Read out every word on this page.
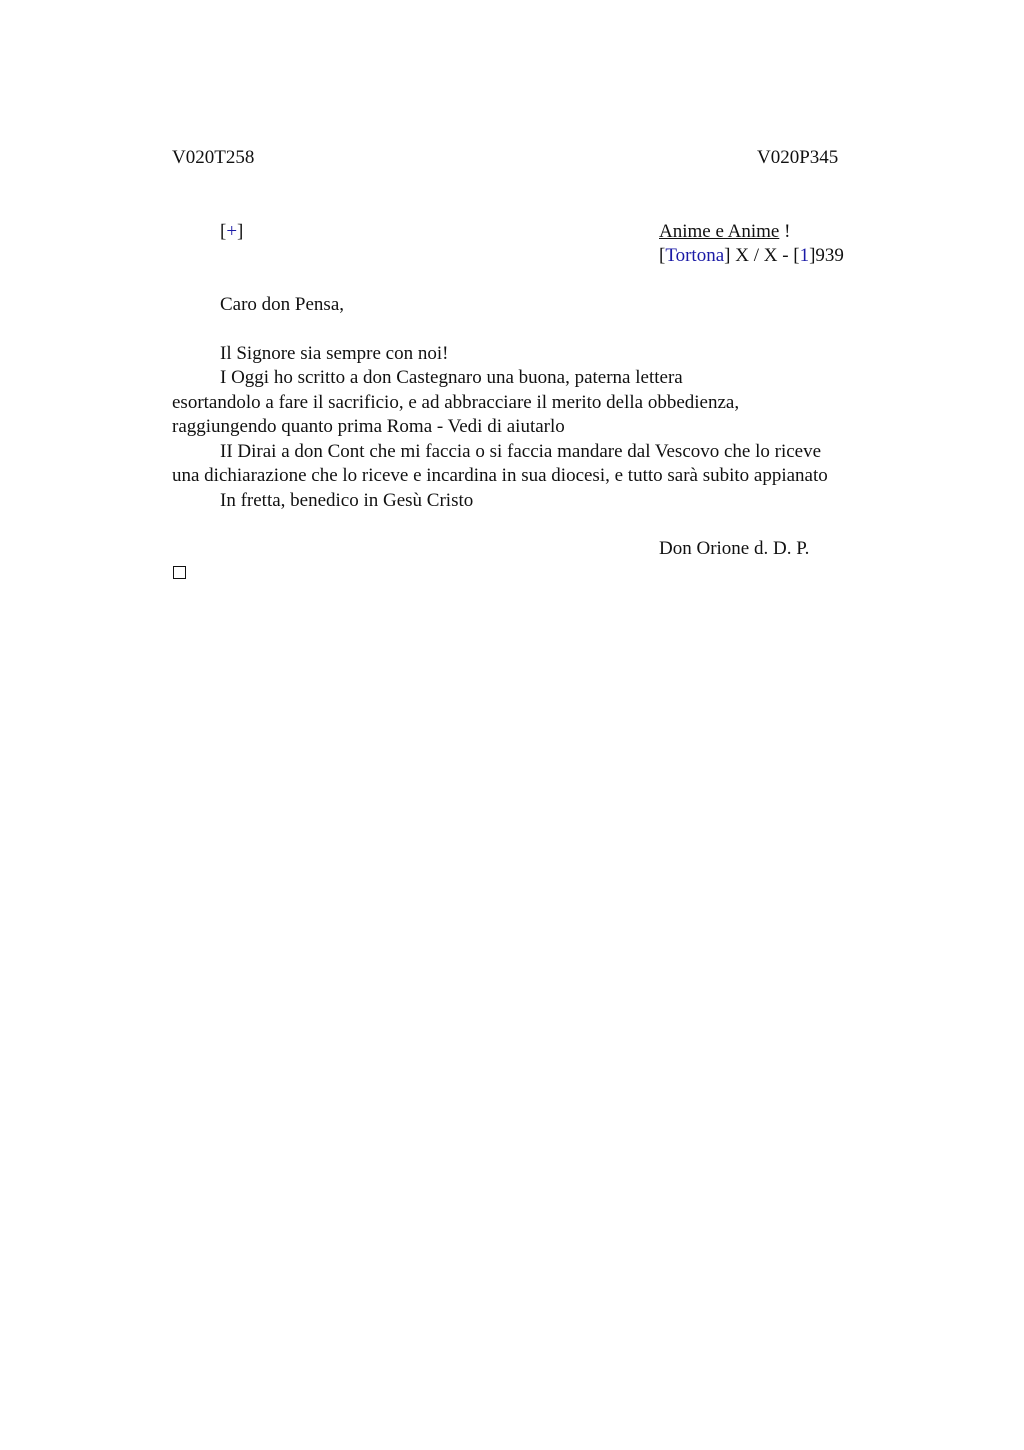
V020T258	V020P345
[+]	Anime e Anime !
[Tortona] X / X - [1]939
Caro don Pensa,
Il Signore sia sempre con noi!
I Oggi ho scritto a don Castegnaro una buona, paterna lettera
esortandolo a fare il sacrificio, e ad abbracciare il merito della obbedienza,
raggiungendo quanto prima Roma - Vedi di aiutarlo
II Dirai a don Cont che mi faccia o si faccia mandare dal Vescovo che lo riceve
una dichiarazione che lo riceve e incardina in sua diocesi, e tutto sarà subito appianato
In fretta, benedico in Gesù Cristo
Don Orione d. D. P.
